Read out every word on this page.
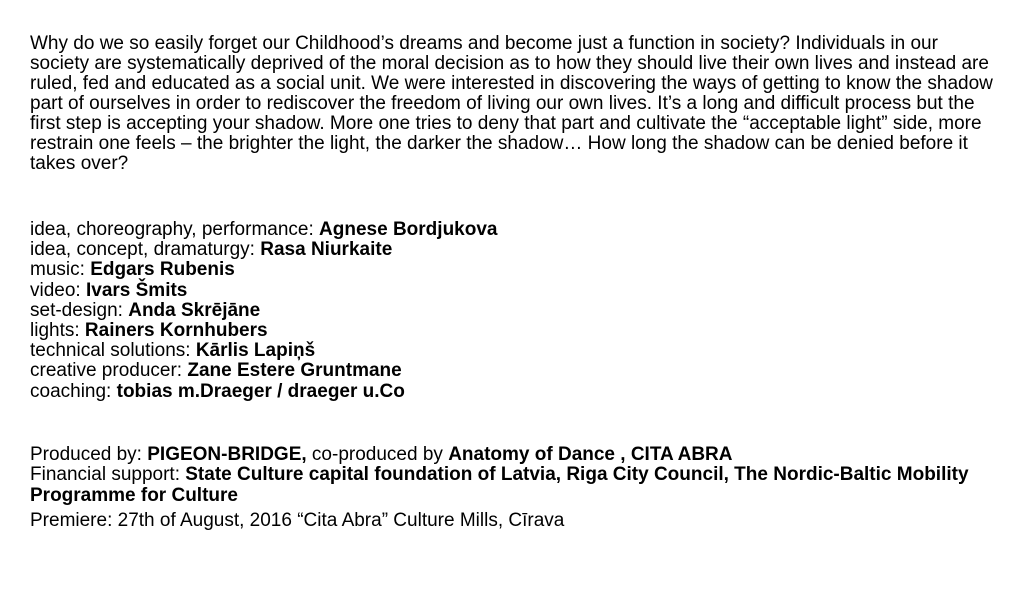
Why do we so easily forget our Childhood’s dreams and become just a function in society? Individuals in our society are systematically deprived of the moral decision as to how they should live their own lives and instead are ruled, fed and educated as a social unit. We were interested in discovering the ways of getting to know the shadow part of ourselves in order to rediscover the freedom of living our own lives. It’s a long and difficult process but the first step is accepting your shadow. More one tries to deny that part and cultivate the “acceptable light” side, more restrain one feels – the brighter the light, the darker the shadow… How long the shadow can be denied before it takes over?

idea, choreography, performance: Agnese Bordjukova
idea, concept, dramaturgy: Rasa Niurkaite
music: Edgars Rubenis
video: Ivars Šmits
set-design: Anda Skrējāne
lights: Rainers Kornhubers
technical solutions: Kārlis Lapiņš
creative producer: Zane Estere Gruntmane
coaching: tobias m.Draeger / draeger u.Co
Produced by: PIGEON-BRIDGE, co-produced by Anatomy of Dance , CITA ABRA
Financial support: State Culture capital foundation of Latvia, Riga City Council, The Nordic-Baltic Mobility Programme for Culture
Premiere: 27th of August, 2016 “Cita Abra” Culture Mills, Cīrava
